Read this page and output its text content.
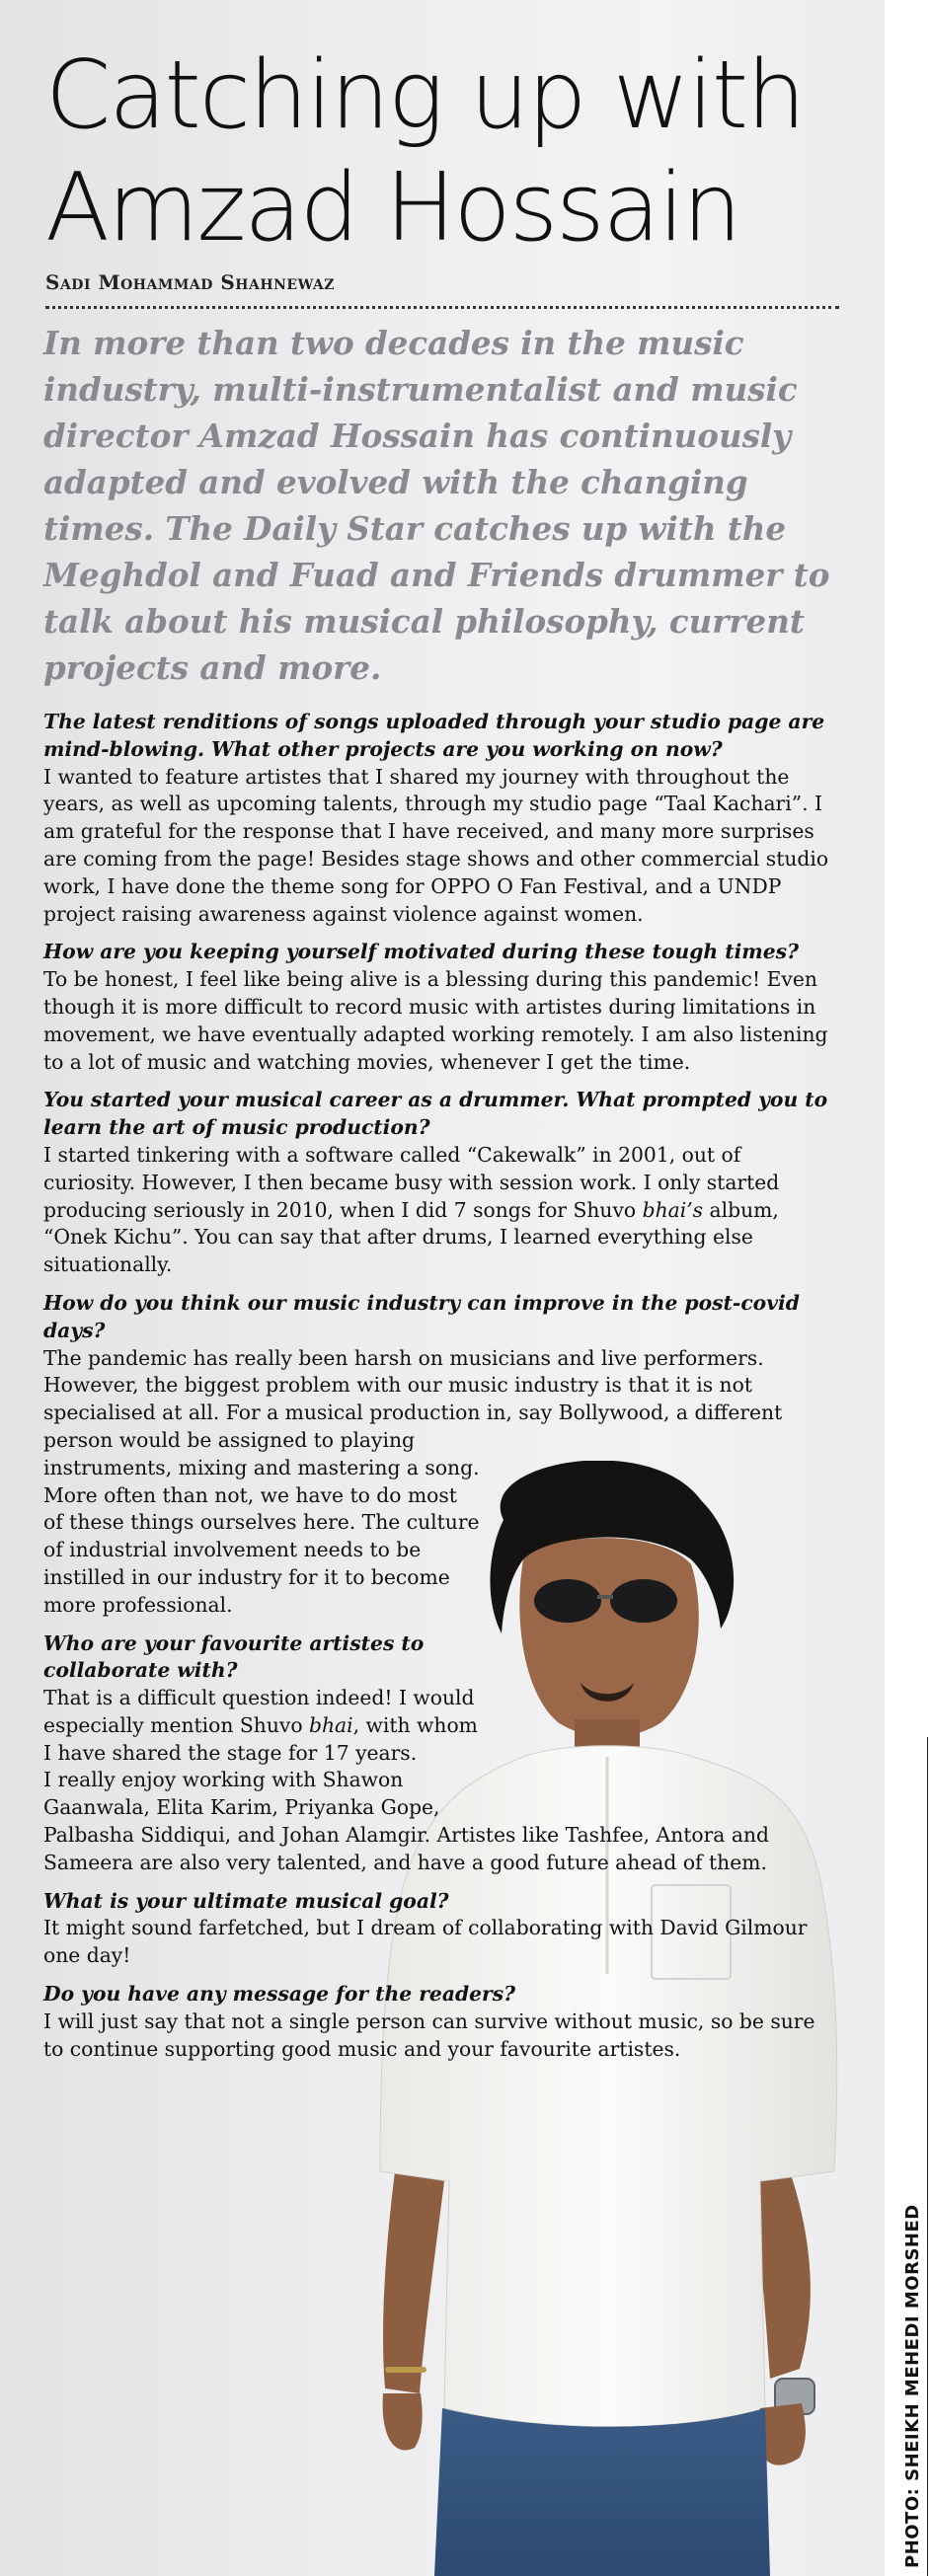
Catching up with
Amzad Hossain
Sadi Mohammad Shahnewaz

In more than two decades in the music industry, multi-instrumentalist and music director Amzad Hossain has continuously adapted and evolved with the changing times. The Daily Star catches up with the Meghdol and Fuad and Friends drummer to talk about his musical philosophy, current projects and more.

The latest renditions of songs uploaded through your studio page are mind-blowing. What other projects are you working on now?

I wanted to feature artistes that I shared my journey with throughout the years, as well as upcoming talents, through my studio page “Taal Kachari”. I am grateful for the response that I have received, and many more surprises are coming from the page! Besides stage shows and other commercial studio work, I have done the theme song for OPPO O Fan Festival, and a UNDP project raising awareness against violence against women.

How are you keeping yourself motivated during these tough times?

To be honest, I feel like being alive is a blessing during this pandemic! Even though it is more difficult to record music with artistes during limitations in movement, we have eventually adapted working remotely. I am also listening to a lot of music and watching movies, whenever I get the time.

You started your musical career as a drummer. What prompted you to learn the art of music production?

I started tinkering with a software called “Cakewalk” in 2001, out of curiosity. However, I then became busy with session work. I only started producing seriously in 2010, when I did 7 songs for Shuvo bhai’s album, “Onek Kichu”. You can say that after drums, I learned everything else situationally.

How do you think our music industry can improve in the post-covid days?

The pandemic has really been harsh on musicians and live performers. However, the biggest problem with our music industry is that it is not specialised at all. For a musical production in, say Bollywood, a different person would be assigned to playing instruments, mixing and mastering a song. More often than not, we have to do most of these things ourselves here. The culture of industrial involvement needs to be instilled in our industry for it to become more professional.

Who are your favourite artistes to collaborate with?

That is a difficult question indeed! I would especially mention Shuvo bhai, with whom I have shared the stage for 17 years.

I really enjoy working with Shawon Gaanwala, Elita Karim, Priyanka Gope, Palbasha Siddiqui, and Johan Alamgir. Artistes like Tashfee, Antora and Sameera are also very talented, and have a good future ahead of them.

What is your ultimate musical goal?

It might sound farfetched, but I dream of collaborating with David Gilmour one day!

Do you have any message for the readers?

I will just say that not a single person can survive without music, so be sure to continue supporting good music and your favourite artistes.

PHOTO: SHEIKH MEHEDI MORSHED
